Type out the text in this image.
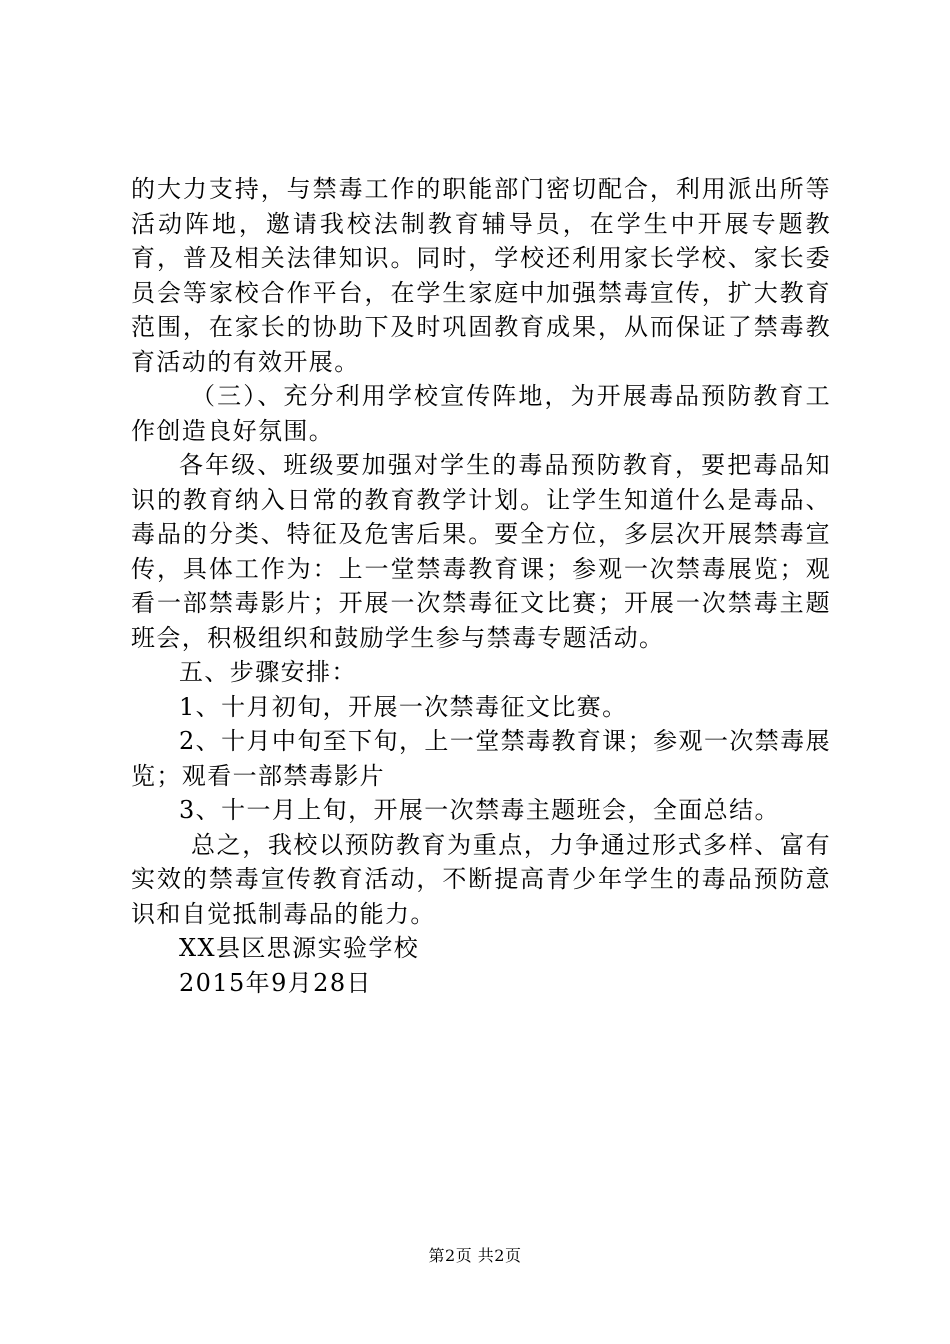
的大力支持，与禁毒工作的职能部门密切配合，利用派出所等活动阵地，邀请我校法制教育辅导员，在学生中开展专题教育，普及相关法律知识。同时，学校还利用家长学校、家长委员会等家校合作平台，在学生家庭中加强禁毒宣传，扩大教育范围，在家长的协助下及时巩固教育成果，从而保证了禁毒教育活动的有效开展。

（三）、充分利用学校宣传阵地，为开展毒品预防教育工作创造良好氛围。

各年级、班级要加强对学生的毒品预防教育，要把毒品知识的教育纳入日常的教育教学计划。让学生知道什么是毒品、毒品的分类、特征及危害后果。要全方位，多层次开展禁毒宣传，具体工作为：上一堂禁毒教育课；参观一次禁毒展览；观看一部禁毒影片；开展一次禁毒征文比赛；开展一次禁毒主题班会，积极组织和鼓励学生参与禁毒专题活动。

五、步骤安排：

1、十月初旬，开展一次禁毒征文比赛。

2、十月中旬至下旬，上一堂禁毒教育课；参观一次禁毒展览；观看一部禁毒影片

3、十一月上旬，开展一次禁毒主题班会，全面总结。

总之，我校以预防教育为重点，力争通过形式多样、富有实效的禁毒宣传教育活动，不断提高青少年学生的毒品预防意识和自觉抵制毒品的能力。

XX县区思源实验学校

2015年9月28日

第2页 共2页
